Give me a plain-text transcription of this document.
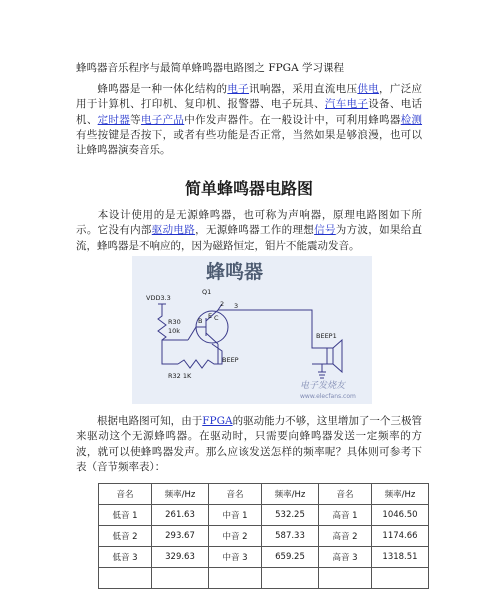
蜂鸣器音乐程序与最简单蜂鸣器电路图之 FPGA 学习课程
蜂鸣器是一种一体化结构的电子讯响器，采用直流电压供电，广泛应用于计算机、打印机、复印机、报警器、电子玩具、汽车电子设备、电话机、定时器等电子产品中作发声器件。在一般设计中，可利用蜂鸣器检测有些按键是否按下，或者有些功能是否正常，当然如果是够浪漫，也可以让蜂鸣器演奏音乐。
简单蜂鸣器电路图
本设计使用的是无源蜂鸣器，也可称为声响器，原理电路图如下所示。它没有内部驱动电路，无源蜂鸣器工作的理想信号为方波，如果给直流，蜂鸣器是不响应的，因为磁路恒定，钼片不能震动发音。
根据电路图可知，由于FPGA的驱动能力不够，这里增加了一个三极管来驱动这个无源蜂鸣器。在驱动时，只需要向蜂鸣器发送一定频率的方波，就可以使蜂鸣器发声。那么应该发送怎样的频率呢？具体则可参考下表（音节频率表）：
蜂鸣器
VDD3.3
Q1
R30
10k
B
E C
2 3
BEEP
BEEP1
R32 1K
电子发烧友
www.elecfans.com
音名	频率/Hz	音名	频率/Hz	音名	频率/Hz
低音 1	261.63	中音 1	532.25	高音 1	1046.50
低音 2	293.67	中音 2	587.33	高音 2	1174.66
低音 3	329.63	中音 3	659.25	高音 3	1318.51
